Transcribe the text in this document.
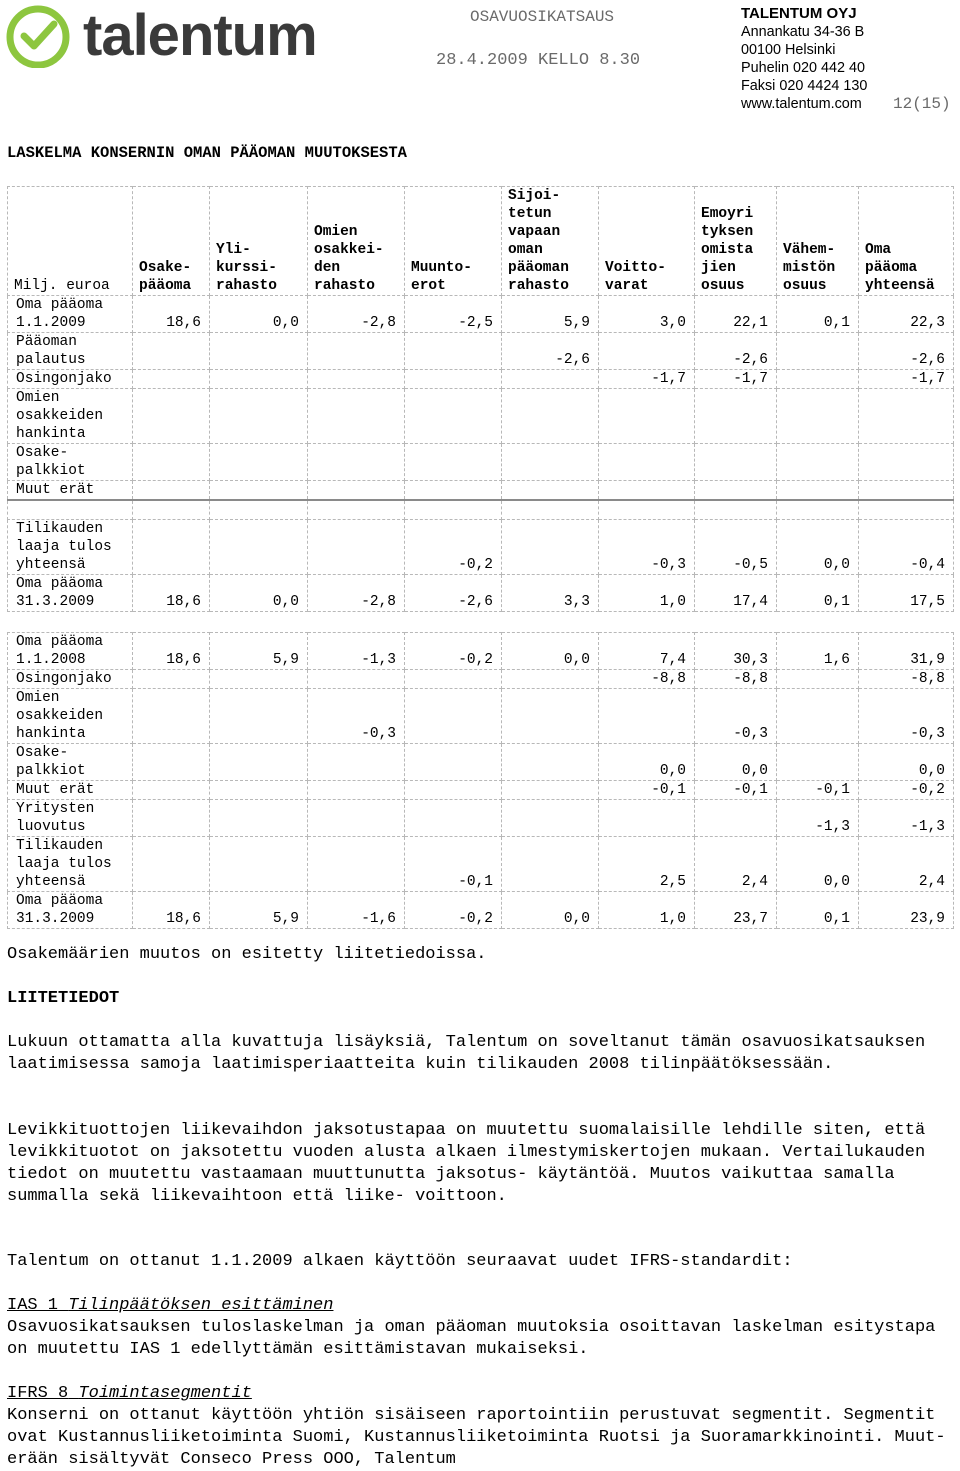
talentum	OSAVUOSIKATSAUS
28.4.2009 KELLO 8.30
TALENTUM OYJ
Annankatu 34-36 B
00100 Helsinki
Puhelin 020 442 40
Faksi 020 4424 130
www.talentum.com	12(15)
LASKELMA KONSERNIN OMAN PÄÄOMAN MUUTOKSESTA
Milj. euroa	Osake- pääoma	Yli- kurssi- rahasto	Omien osakkei- den rahasto	Muunto- erot	Sijoi- tetun vapaan oman pääoman rahasto	Voitto- varat	Emoyri tyksen omista jien osuus	Vähem- mistön osuus	Oma pääoma yhteensä
Oma pääoma 1.1.2009	18,6	0,0	-2,8	-2,5	5,9	3,0	22,1	0,1	22,3
Pääoman palautus					-2,6		-2,6		-2,6
Osingonjako						-1,7	-1,7		-1,7
Omien osakkeiden hankinta									
Osake- palkkiot									
Muut erät									

Tilikauden laaja tulos yhteensä				-0,2		-0,3	-0,5	0,0	-0,4
Oma pääoma 31.3.2009	18,6	0,0	-2,8	-2,6	3,3	1,0	17,4	0,1	17,5

Oma pääoma 1.1.2008	18,6	5,9	-1,3	-0,2	0,0	7,4	30,3	1,6	31,9
Osingonjako						-8,8	-8,8		-8,8
Omien osakkeiden hankinta			-0,3				-0,3		-0,3
Osake- palkkiot						0,0	0,0		0,0
Muut erät						-0,1	-0,1	-0,1	-0,2
Yritysten luovutus								-1,3	-1,3
Tilikauden laaja tulos yhteensä				-0,1		2,5	2,4	0,0	2,4
Oma pääoma 31.3.2009	18,6	5,9	-1,6	-0,2	0,0	1,0	23,7	0,1	23,9

Osakemäärien muutos on esitetty liitetiedoissa.

LIITETIEDOT

Lukuun ottamatta alla kuvattuja lisäyksiä, Talentum on soveltanut tämän osavuosikatsauksen laatimisessa samoja laatimisperiaatteita kuin tilikauden 2008 tilinpäätöksessään.

Levikkituottojen liikevaihdon jaksotustapaa on muutettu suomalaisille lehdille siten, että levikkituotot on jaksotettu vuoden alusta alkaen ilmestymiskertojen mukaan. Vertailukauden tiedot on muutettu vastaamaan muuttunutta jaksotus- käytäntöä. Muutos vaikuttaa samalla summalla sekä liikevaihtoon että liike- voittoon.

Talentum on ottanut 1.1.2009 alkaen käyttöön seuraavat uudet IFRS-standardit:

IAS 1 Tilinpäätöksen esittäminen

Osavuosikatsauksen tuloslaskelman ja oman pääoman muutoksia osoittavan laskelman esitystapa on muutettu IAS 1 edellyttämän esittämistavan mukaiseksi.

IFRS 8 Toimintasegmentit

Konserni on ottanut käyttöön yhtiön sisäiseen raportointiin perustuvat segmentit. Segmentit ovat Kustannusliiketoiminta Suomi, Kustannusliiketoiminta Ruotsi ja Suoramarkkinointi. Muut-erään sisältyvät Conseco Press OOO, Talentum
